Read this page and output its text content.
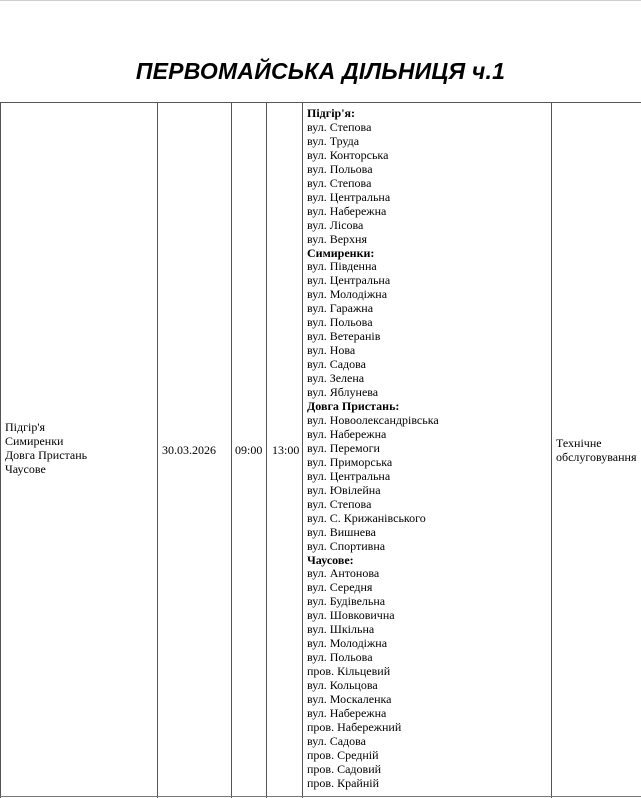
ПЕРВОМАЙСЬКА ДІЛЬНИЦЯ ч.1
Підгір'я
Симиренки
Довга Пристань
Чаусове
30.03.2026 09:00 13:00	Технічне
обслуговування
Підгір'я:
вул. Степова
вул. Труда
вул. Конторська
вул. Польова
вул. Степова
вул. Центральна
вул. Набережна
вул. Лісова
вул. Верхня
Симиренки:
вул. Південна
вул. Центральна
вул. Молодіжна
вул. Гаражна
вул. Польова
вул. Ветеранів
вул. Нова
вул. Садова
вул. Зелена
вул. Яблунева
Довга Пристань:
вул. Новоолександрівська
вул. Набережна
вул. Перемоги
вул. Приморська
вул. Центральна
вул. Ювілейна
вул. Степова
вул. С. Крижанівського
вул. Вишнева
вул. Спортивна
Чаусове:
вул. Антонова
вул. Середня
вул. Будівельна
вул. Шовковична
вул. Шкільна
вул. Молодіжна
вул. Польова
пров. Кільцевий
вул. Кольцова
вул. Москаленка
вул. Набережна
пров. Набережний
вул. Садова
пров. Средній
пров. Садовий
пров. Крайній
